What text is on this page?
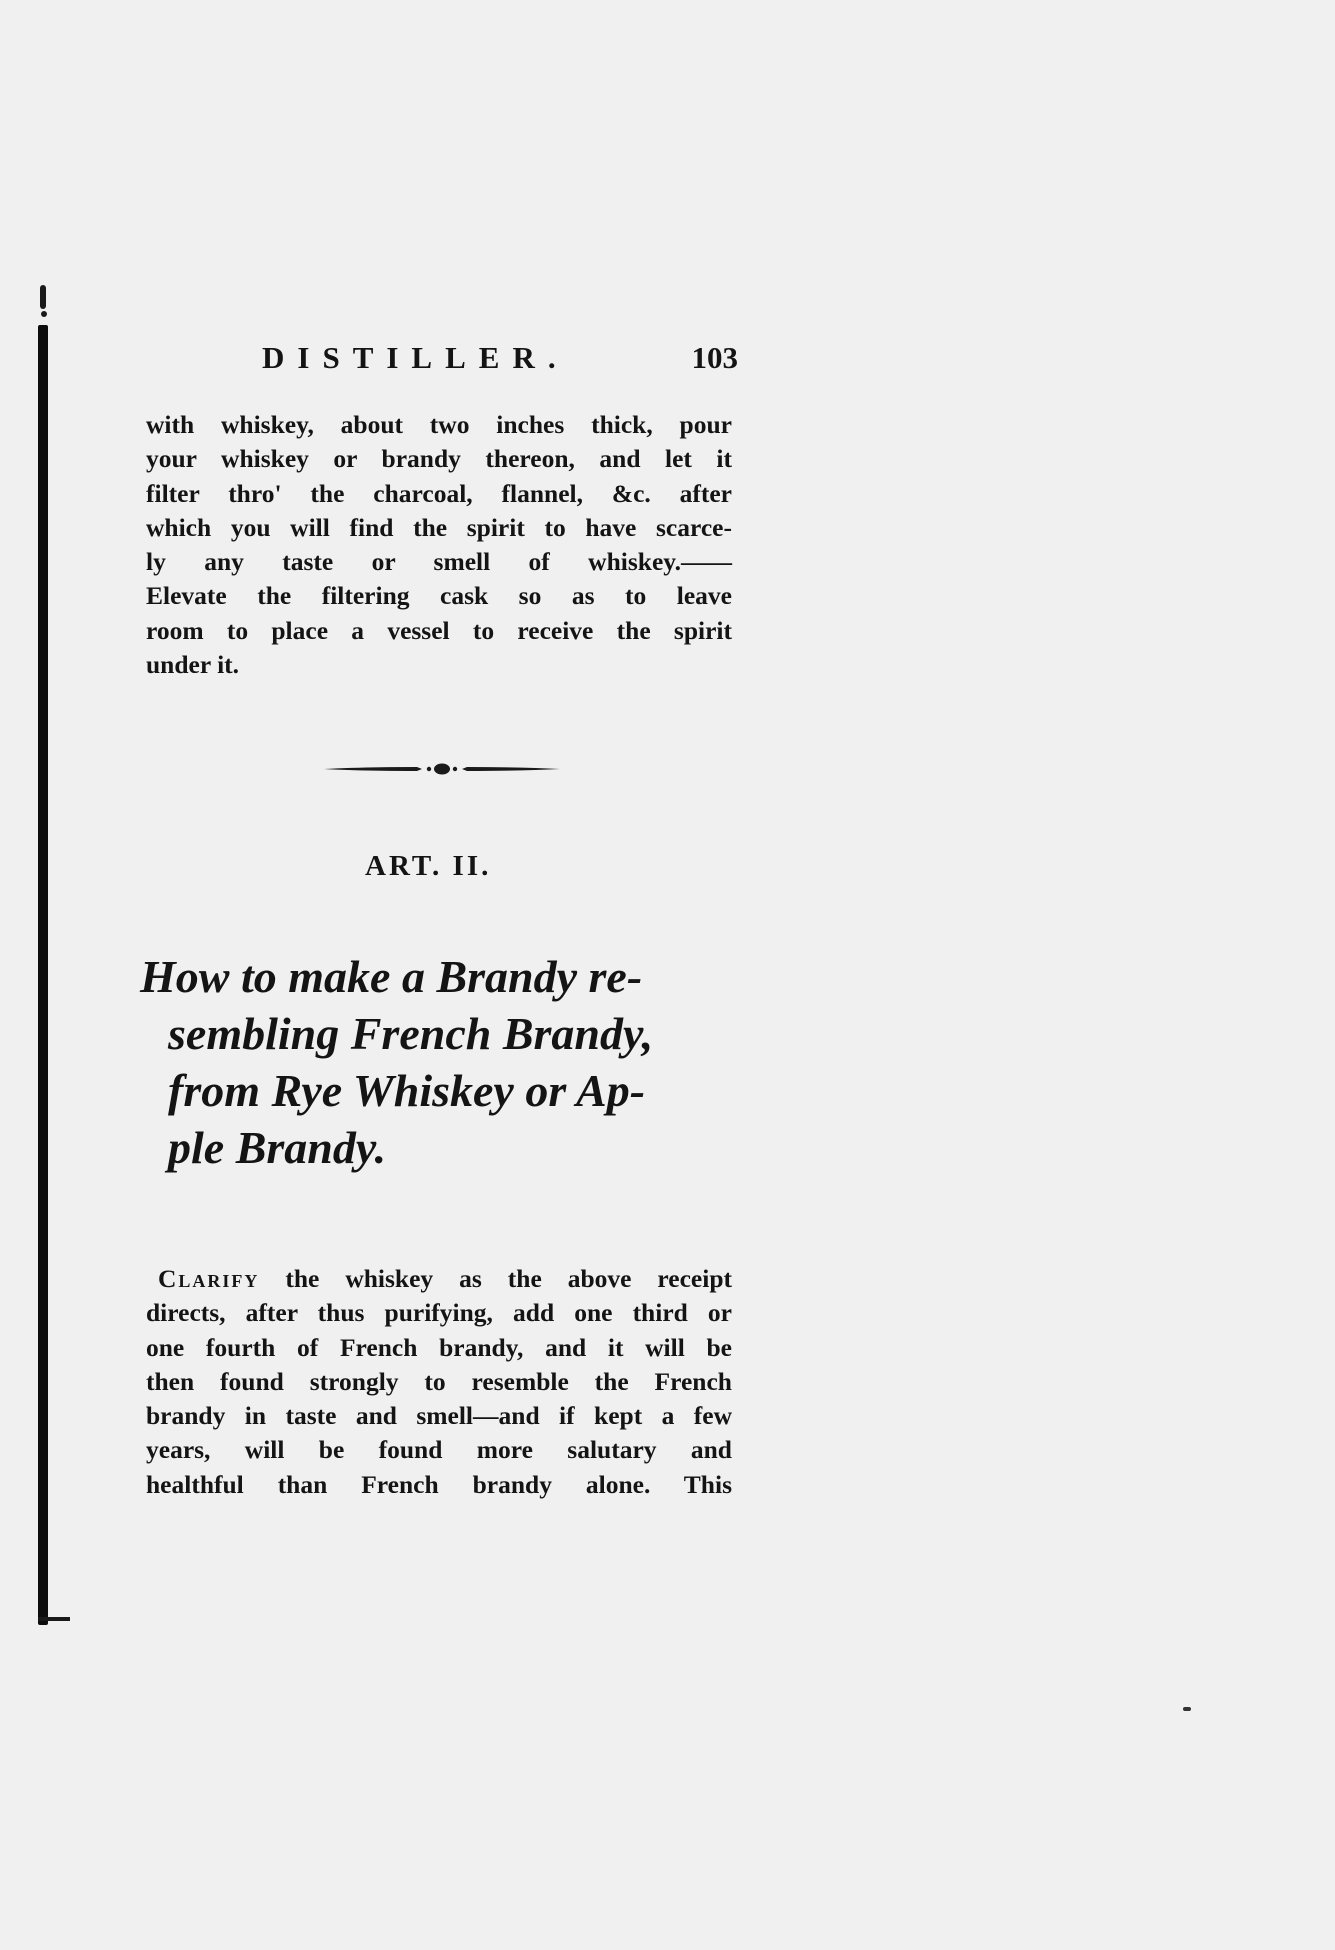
DISTILLER.	103
with whiskey, about two inches thick, pour
your whiskey or brandy thereon, and let it
filter thro' the charcoal, flannel, &c. after
which you will find the spirit to have scarce-
ly any taste or smell of whiskey.——
Elevate the filtering cask so as to leave
room to place a vessel to receive the spirit
under it.
ART. II.
How to make a Brandy re-
sembling French Brandy,
from Rye Whiskey or Ap-
ple Brandy.
Clarify the whiskey as the above receipt
directs, after thus purifying, add one third or
one fourth of French brandy, and it will be
then found strongly to resemble the French
brandy in taste and smell—and if kept a few
years, will be found more salutary and
healthful than French brandy alone. This
